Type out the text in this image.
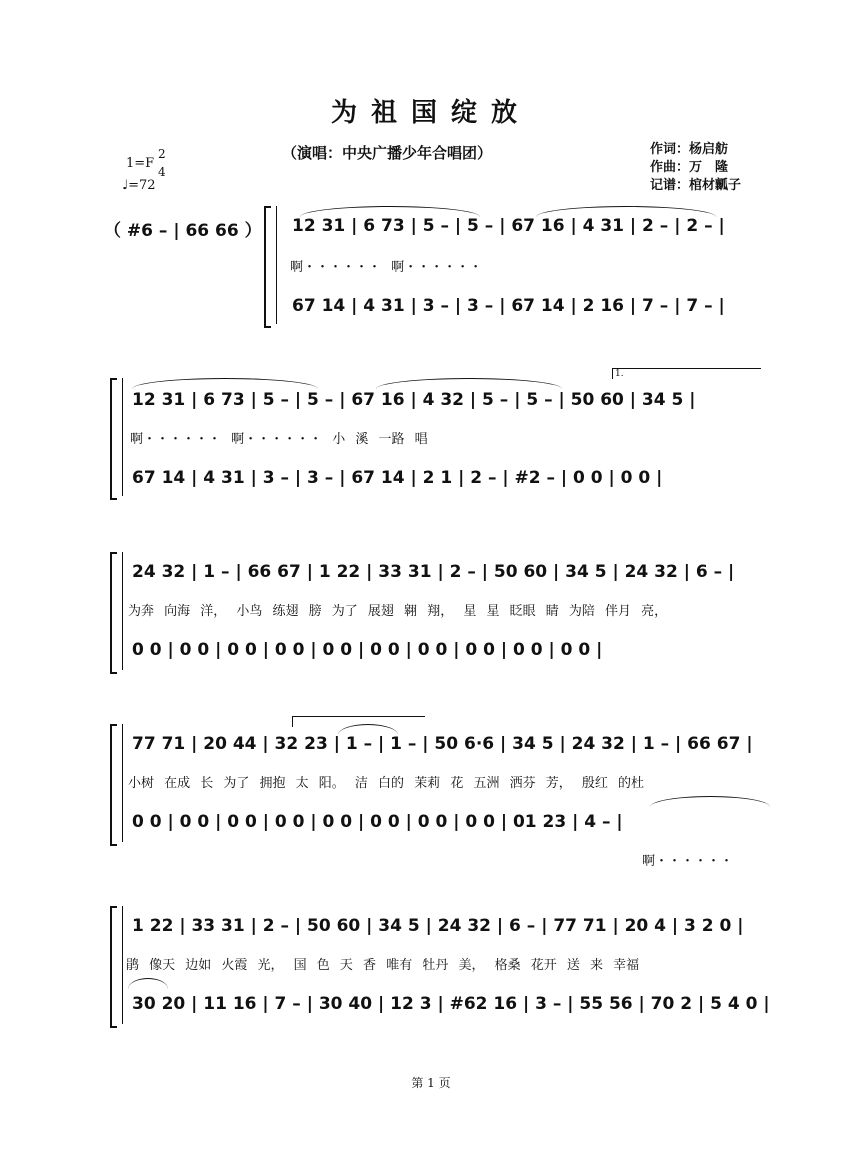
为祖国绽放
（演唱：中央广播少年合唱团）	作词：杨启舫
作曲：万　隆
记谱：棺材瓤子
1=F
2
4
♩=72
（ #6 – | 66 66 ） 12 31 | 6 73 | 5 – | 5 – | 67 16 | 4 31 | 2 – | 2 – |
啊・・・・・・ 啊・・・・・・
67 14 | 4 31 | 3 – | 3 – | 67 14 | 2 16 | 7 – | 7 – |
1.
12 31 | 6 73 | 5 – | 5 – | 67 16 | 4 32 | 5 – | 5 – | 50 60 | 34 5 |
啊・・・・・・ 啊・・・・・・ 小 溪 一路 唱
67 14 | 4 31 | 3 – | 3 – | 67 14 | 2 1 | 2 – | #2 – | 0 0 | 0 0 |
24 32 | 1 – | 66 67 | 1 22 | 33 31 | 2 – | 50 60 | 34 5 | 24 32 | 6 – |
为奔 向海 洋， 小鸟 练翅 膀 为了 展翅 翱 翔， 星 星 眨眼 睛 为陪 伴月 亮，
0 0 | 0 0 | 0 0 | 0 0 | 0 0 | 0 0 | 0 0 | 0 0 | 0 0 | 0 0 |
77 71 | 20 44 | 32 23 | 1 – | 1 – | 50 6·6 | 34 5 | 24 32 | 1 – | 66 67 |
小树 在成 长 为了 拥抱 太 阳。 洁 白的 茉莉 花 五洲 洒芬 芳， 殷红 的杜
0 0 | 0 0 | 0 0 | 0 0 | 0 0 | 0 0 | 0 0 | 0 0 | 01 23 | 4 – |
啊・・・・・・
1 22 | 33 31 | 2 – | 50 60 | 34 5 | 24 32 | 6 – | 77 71 | 20 4 | 3 2 0 |
鹃 像天 边如 火霞 光， 国 色 天 香 唯有 牡丹 美， 格桑 花开 送 来 幸福
30 20 | 11 16 | 7 – | 30 40 | 12 3 | #62 16 | 3 – | 55 56 | 70 2 | 5 4 0 |
第 1 页
